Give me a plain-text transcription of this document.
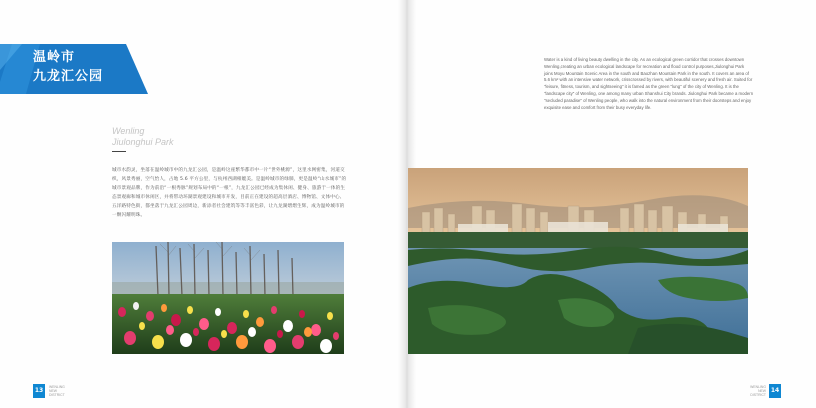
温岭市
九龙汇公园
Wenling
Jiulonghui Park
城市水韵灵，坐落在温岭城市中的九龙汇公园，是温岭这座繁华都市中一片“世外桃源”，这里水网密集，河道交织，风景秀丽，空气怡人，占地 5.6 平方公里，与杭州西湖相媲美。是温岭城市的绿肺，更是温岭“山水城市”的城市景观品牌，作为前沿“一根秀脉”规划布局中的“一根”，九龙汇公园已经成为集休闲、健身、旅游于一体的生态景观廊和城市休闲区，并将带动环湖景观建设和城市开发，目前正在建设的超高层酒店、博物馆、文体中心、五洋路特色街，都坐落于九龙汇公园周边，新添者社会建筑等等丰富色彩，让九龙湖熠熠生辉，成为温岭城市的一颗闪耀明珠。
Water is a kind of living beauty dwelling in the city. As an ecological green corridor that crosses downtown Wenling,creating an urban ecological landscape for recreation and flood control purposes,Jiulonghui Park joins Moyu Mountain Scenic Area in the south and Baozhan Mountain Park in the south. It covers an area of 5.6 km² with an intensive water network, crisscrossed by rivers, with beautiful scenery and fresh air. Suited for "leisure, fitness, tourism, and sightseeing" it is famed as the green "lung" of the city of Wenling. It is the "landscape city" of Wenling, one among many urban Shanshui City brands. Jiulonghui Park became a modern "secluded paradise" of Wenling people, who walk into the natural environment from their doorsteps and enjoy exquisite ease and comfort from their busy everyday life.
13	WENLING
NEW
DISTRICT
WENLING
NEW
DISTRICT
14
